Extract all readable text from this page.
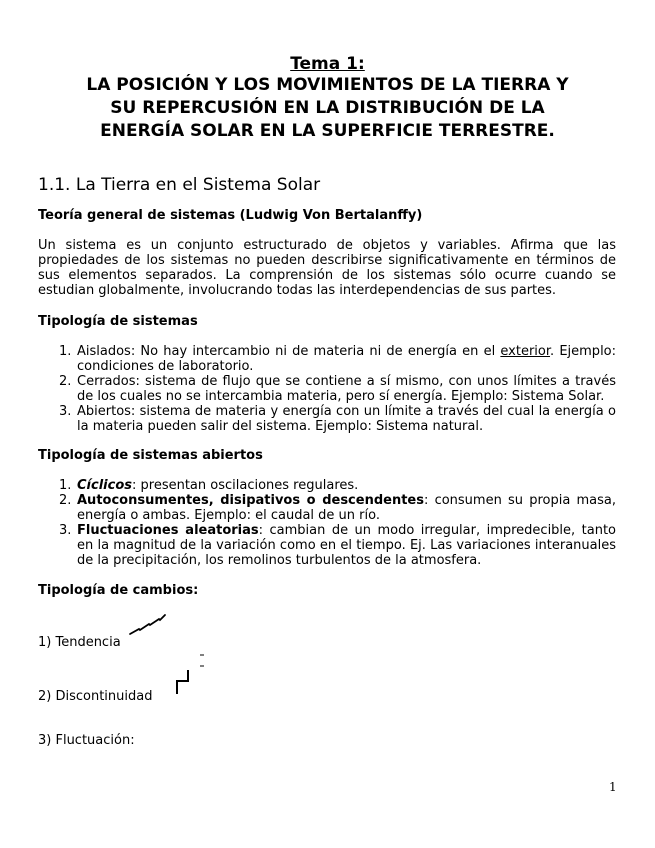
Tema 1:
LA POSICIÓN Y LOS MOVIMIENTOS DE LA TIERRA Y
SU REPERCUSIÓN EN LA DISTRIBUCIÓN DE LA
ENERGÍA SOLAR EN LA SUPERFICIE TERRESTRE.
1.1. La Tierra en el Sistema Solar
Teoría general de sistemas (Ludwig Von Bertalanffy)
Un sistema es un conjunto estructurado de objetos y variables. Afirma que las propiedades de los sistemas no pueden describirse significativamente en términos de sus elementos separados. La comprensión de los sistemas sólo ocurre cuando se estudian globalmente, involucrando todas las interdependencias de sus partes.
Tipología de sistemas
1. Aislados: No hay intercambio ni de materia ni de energía en el exterior. Ejemplo: condiciones de laboratorio.
2. Cerrados: sistema de flujo que se contiene a sí mismo, con unos límites a través de los cuales no se intercambia materia, pero sí energía. Ejemplo: Sistema Solar.
3. Abiertos: sistema de materia y energía con un límite a través del cual la energía o la materia pueden salir del sistema. Ejemplo: Sistema natural.
Tipología de sistemas abiertos
1. Cíclicos: presentan oscilaciones regulares.
2. Autoconsumentes, disipativos o descendentes: consumen su propia masa, energía o ambas. Ejemplo: el caudal de un río.
3. Fluctuaciones aleatorias: cambian de un modo irregular, impredecible, tanto en la magnitud de la variación como en el tiempo. Ej. Las variaciones interanuales de la precipitación, los remolinos turbulentos de la atmosfera.
Tipología de cambios:
1) Tendencia
2) Discontinuidad
3) Fluctuación:
1
